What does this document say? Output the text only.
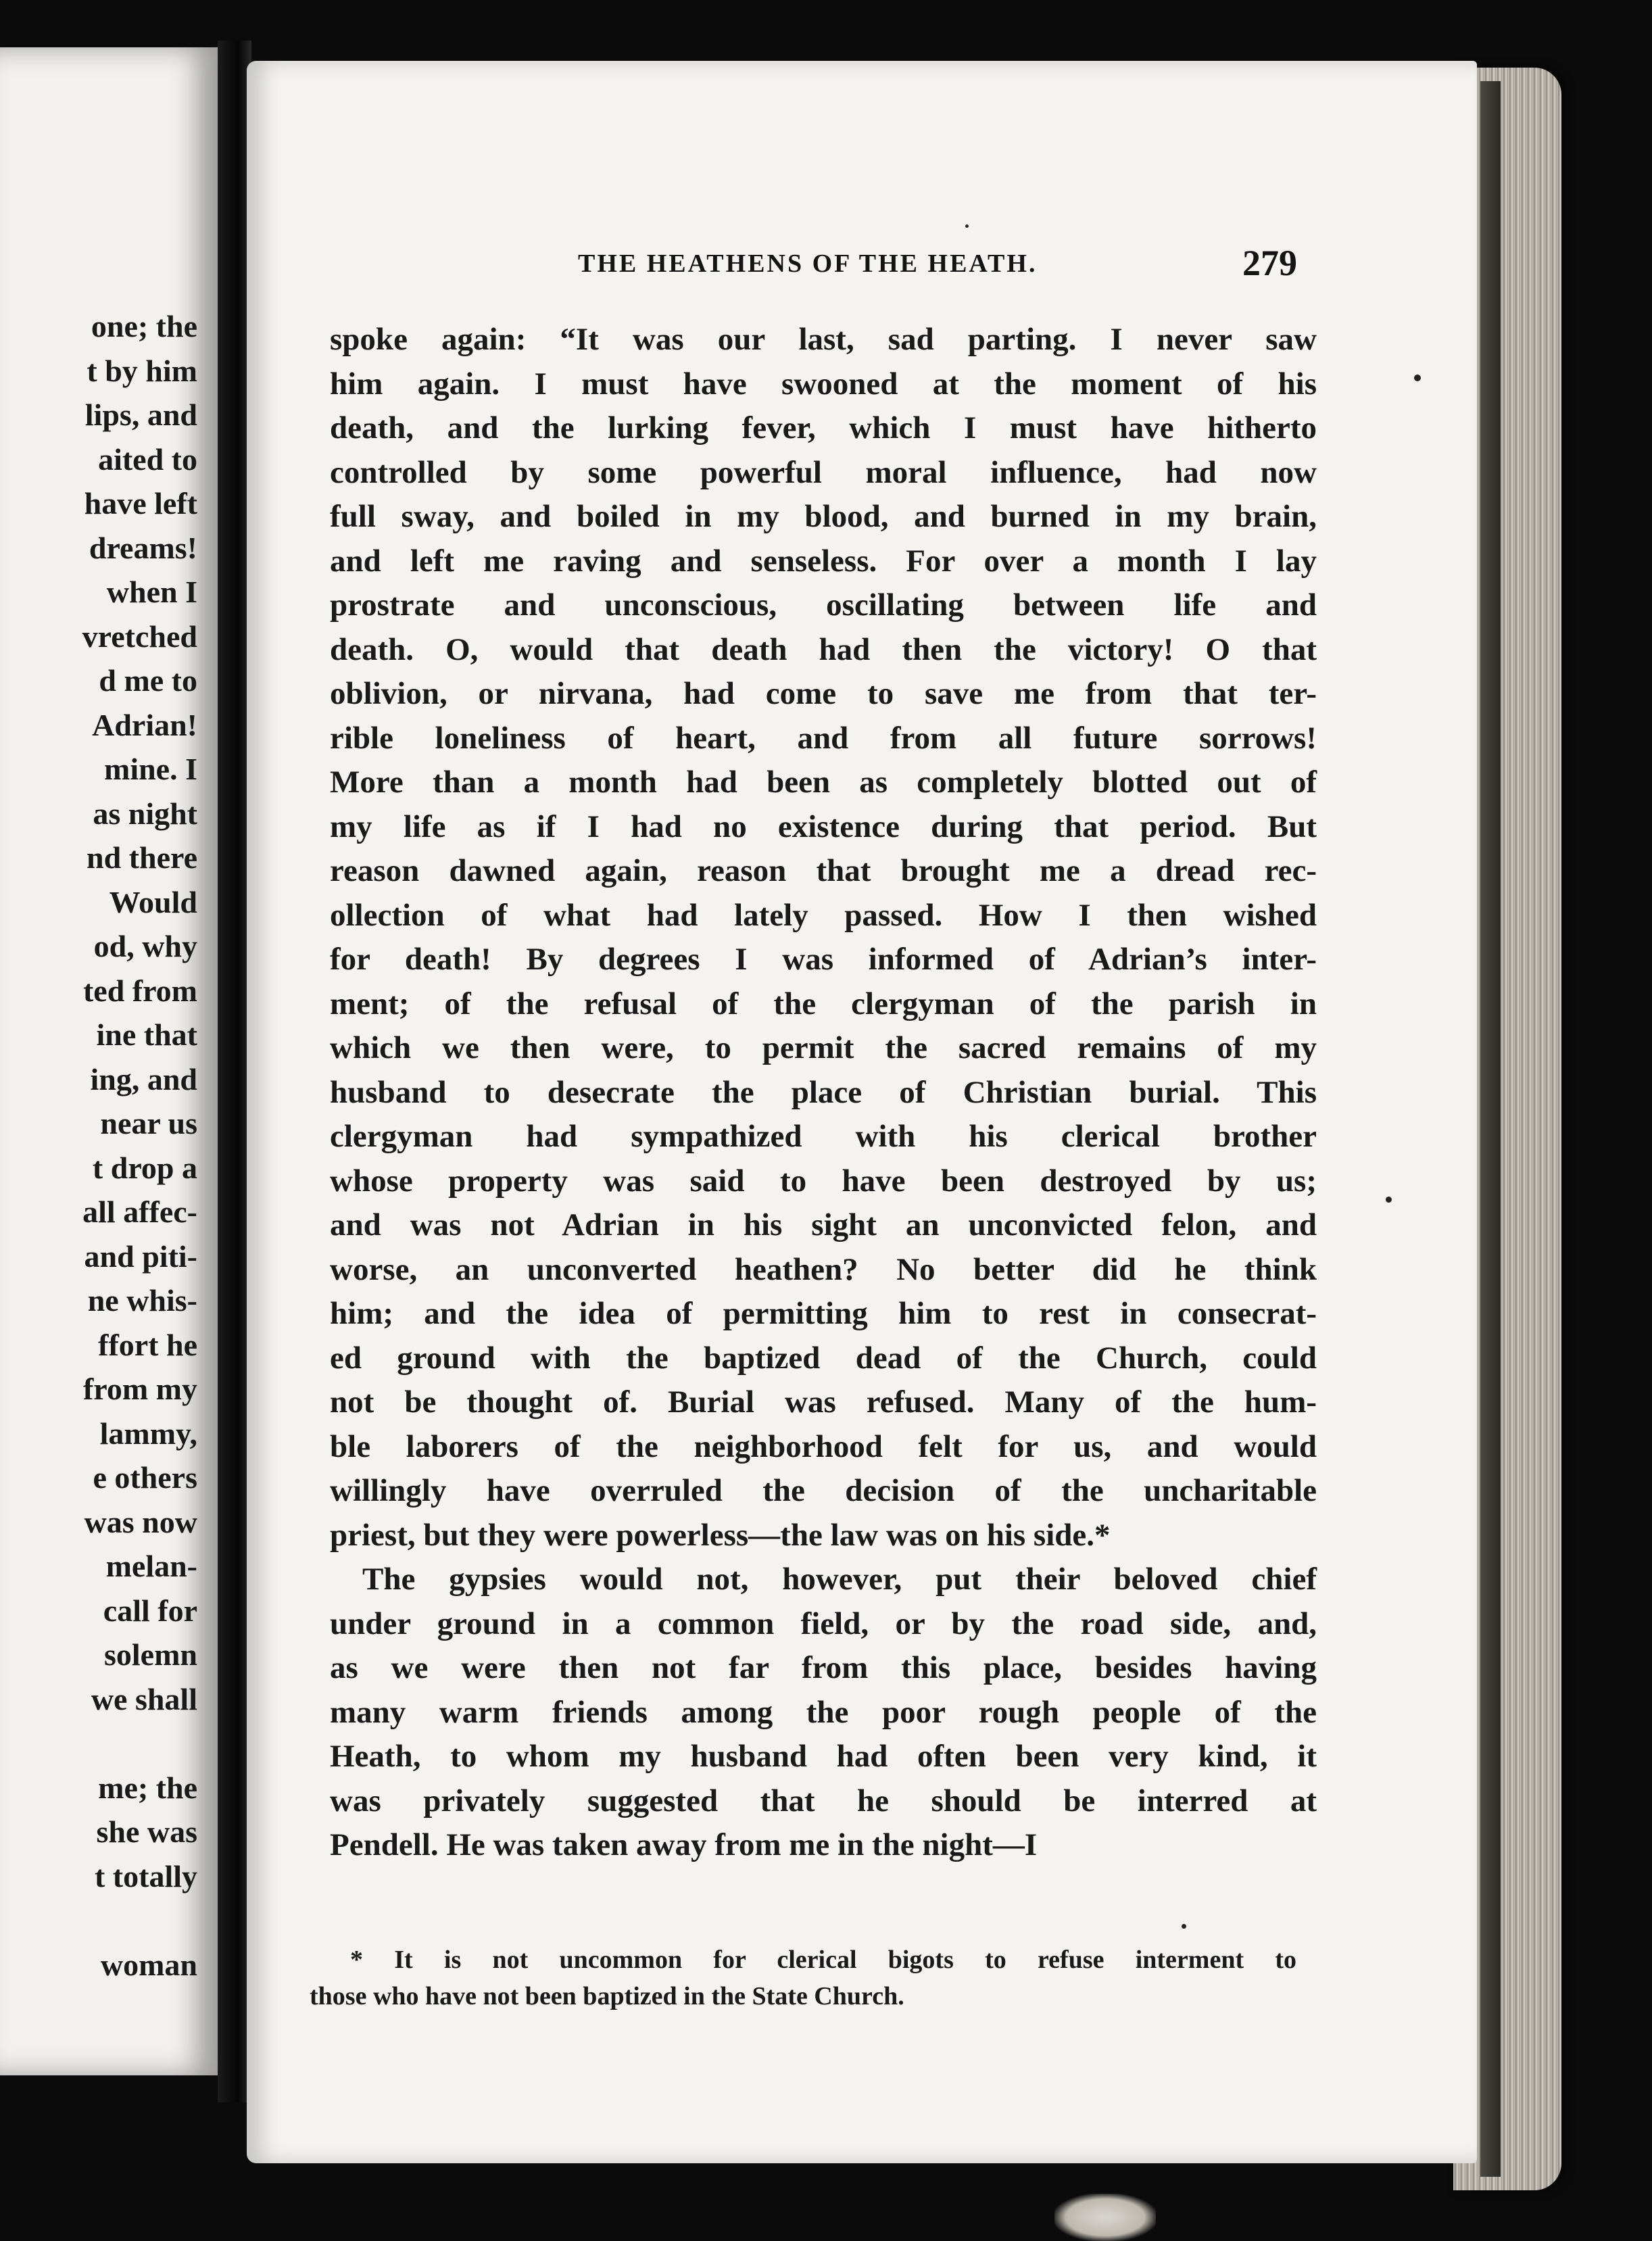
one; the
t by him
lips, and
aited to
have left
dreams!
when I
vretched
d me to
Adrian!
mine. I
as night
nd there
Would
od, why
ted from
ine that
ing, and
near us
t drop a
all affec-
and piti-
ne whis-
ffort he
from my
lammy,
e others
was now
melan-
call for
solemn
we shall
me; the
she was
t totally
woman
THE HEATHENS OF THE HEATH.	279
spoke again: “It was our last, sad parting. I never saw
him again. I must have swooned at the moment of his
death, and the lurking fever, which I must have hitherto
controlled by some powerful moral influence, had now
full sway, and boiled in my blood, and burned in my brain,
and left me raving and senseless. For over a month I lay
prostrate and unconscious, oscillating between life and
death. O, would that death had then the victory! O that
oblivion, or nirvana, had come to save me from that ter-
rible loneliness of heart, and from all future sorrows!
More than a month had been as completely blotted out of
my life as if I had no existence during that period. But
reason dawned again, reason that brought me a dread rec-
ollection of what had lately passed. How I then wished
for death! By degrees I was informed of Adrian’s inter-
ment; of the refusal of the clergyman of the parish in
which we then were, to permit the sacred remains of my
husband to desecrate the place of Christian burial. This
clergyman had sympathized with his clerical brother
whose property was said to have been destroyed by us;
and was not Adrian in his sight an unconvicted felon, and
worse, an unconverted heathen? No better did he think
him; and the idea of permitting him to rest in consecrat-
ed ground with the baptized dead of the Church, could
not be thought of. Burial was refused. Many of the hum-
ble laborers of the neighborhood felt for us, and would
willingly have overruled the decision of the uncharitable
priest, but they were powerless—the law was on his side.*
The gypsies would not, however, put their beloved chief
under ground in a common field, or by the road side, and,
as we were then not far from this place, besides having
many warm friends among the poor rough people of the
Heath, to whom my husband had often been very kind, it
was privately suggested that he should be interred at
Pendell. He was taken away from me in the night—I
* It is not uncommon for clerical bigots to refuse interment to
those who have not been baptized in the State Church.
